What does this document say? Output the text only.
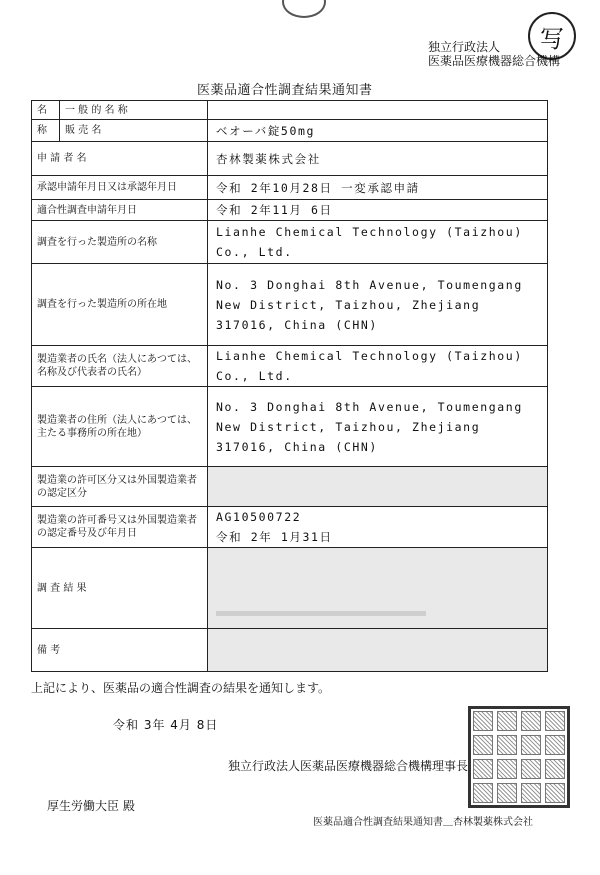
写
独立行政法人
医薬品医療機器総合機構
医薬品適合性調査結果通知書
名	一 般 的 名 称	
称	販 売 名	ベオーバ錠50mg
申 請 者 名		杏林製薬株式会社
承認申請年月日又は承認年月日		令和 2年10月28日 一変承認申請
適合性調査申請年月日		令和 2年11月 6日
調査を行った製造所の名称		Lianhe Chemical Technology (Taizhou) Co., Ltd.
調査を行った製造所の所在地		No. 3 Donghai 8th Avenue, Toumengang New District, Taizhou, Zhejiang 317016, China (CHN)
製造業者の氏名（法人にあつては、名称及び代表者の氏名）		Lianhe Chemical Technology (Taizhou) Co., Ltd.
製造業者の住所（法人にあつては、主たる事務所の所在地）		No. 3 Donghai 8th Avenue, Toumengang New District, Taizhou, Zhejiang 317016, China (CHN)
製造業の許可区分又は外国製造業者の認定区分		
製造業の許可番号又は外国製造業者の認定番号及び年月日		AG10500722
令和 2年 1月31日

調 査 結 果		

備 考		
上記により、医薬品の適合性調査の結果を通知します。
令和 3年 4月 8日
独立行政法人医薬品医療機器総合機構理事長
厚生労働大臣 殿
医薬品適合性調査結果通知書＿杏林製薬株式会社
